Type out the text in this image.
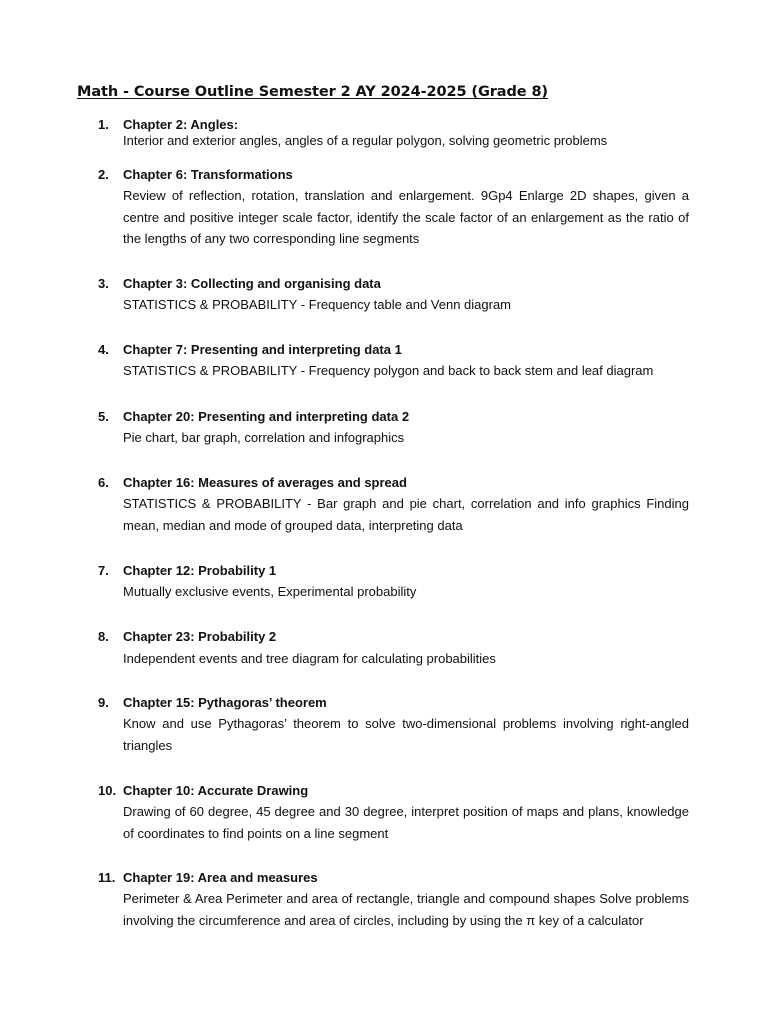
Math - Course Outline Semester 2 AY 2024-2025 (Grade 8)
1. Chapter 2: Angles:

Interior and exterior angles, angles of a regular polygon, solving geometric problems

2. Chapter 6: Transformations

Review of reflection, rotation, translation and enlargement. 9Gp4 Enlarge 2D shapes, given a centre and positive integer scale factor, identify the scale factor of an enlargement as the ratio of the lengths of any two corresponding line segments

3. Chapter 3: Collecting and organising data

STATISTICS & PROBABILITY - Frequency table and Venn diagram

4. Chapter 7: Presenting and interpreting data 1

STATISTICS & PROBABILITY - Frequency polygon and back to back stem and leaf diagram

5. Chapter 20: Presenting and interpreting data 2

Pie chart, bar graph, correlation and infographics

6. Chapter 16: Measures of averages and spread

STATISTICS & PROBABILITY - Bar graph and pie chart, correlation and info graphics Finding mean, median and mode of grouped data, interpreting data

7. Chapter 12: Probability 1

Mutually exclusive events, Experimental probability

8. Chapter 23: Probability 2

Independent events and tree diagram for calculating probabilities

9. Chapter 15: Pythagoras’ theorem

Know and use Pythagoras’ theorem to solve two-dimensional problems involving right-angled triangles

10. Chapter 10: Accurate Drawing

Drawing of 60 degree, 45 degree and 30 degree, interpret position of maps and plans, knowledge of coordinates to find points on a line segment

11. Chapter 19: Area and measures

Perimeter & Area Perimeter and area of rectangle, triangle and compound shapes Solve problems involving the circumference and area of circles, including by using the π key of a calculator
